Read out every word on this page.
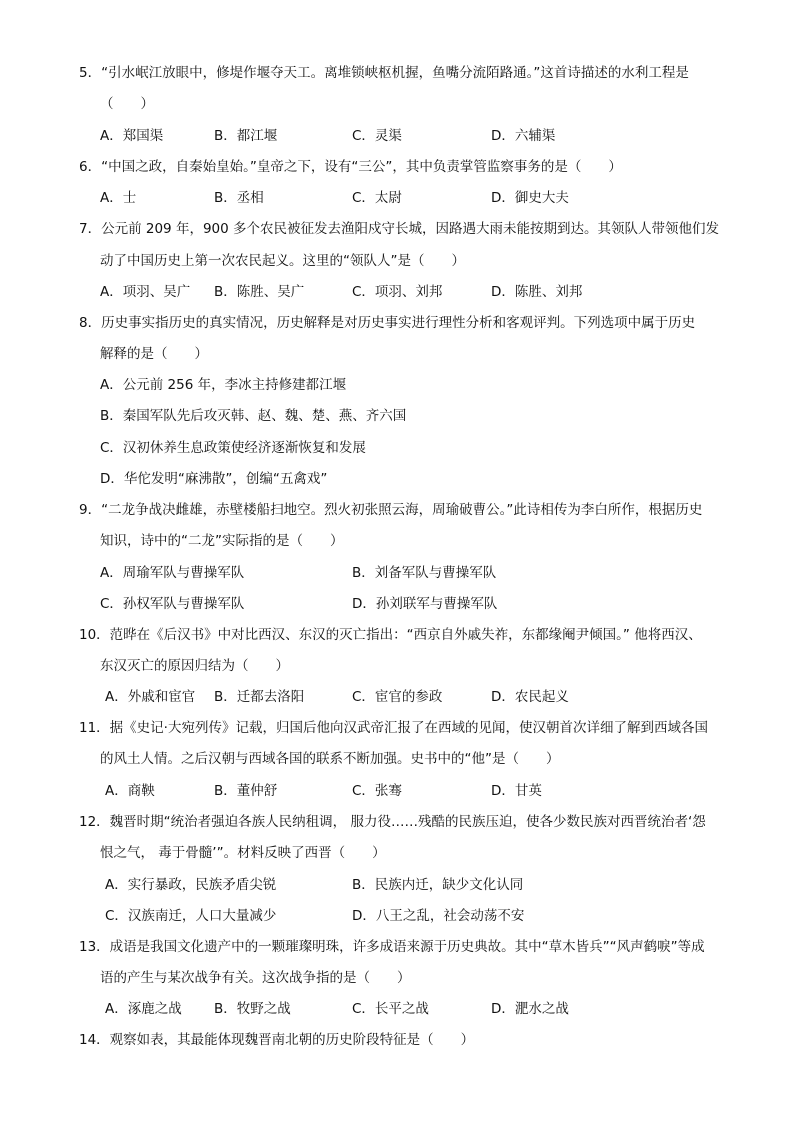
5．“引水岷江放眼中，修堤作堰夺天工。离堆锁峡枢机握，鱼嘴分流陌路通。”这首诗描述的水利工程是
（　　）
A．郑国渠	B．都江堰	C．灵渠	D．六辅渠
6．“中国之政，自秦始皇始。”皇帝之下，设有“三公”，其中负责掌管监察事务的是（　　）
A．士	B．丞相	C．太尉	D．御史大夫
7．公元前 209 年，900 多个农民被征发去渔阳戍守长城，因路遇大雨未能按期到达。其领队人带领他们发
动了中国历史上第一次农民起义。这里的“领队人”是（　　）
A．项羽、吴广 B．陈胜、吴广	C．项羽、刘邦	D．陈胜、刘邦
8．历史事实指历史的真实情况，历史解释是对历史事实进行理性分析和客观评判。下列选项中属于历史
解释的是（　　）
A．公元前 256 年，李冰主持修建都江堰
B．秦国军队先后攻灭韩、赵、魏、楚、燕、齐六国
C．汉初休养生息政策使经济逐渐恢复和发展
D．华佗发明“麻沸散”，创编“五禽戏”
9．“二龙争战决雌雄，赤壁楼船扫地空。烈火初张照云海，周瑜破曹公。”此诗相传为李白所作，根据历史
知识，诗中的“二龙”实际指的是（　　）
A．周瑜军队与曹操军队	B．刘备军队与曹操军队
C．孙权军队与曹操军队	D．孙刘联军与曹操军队
10．范晔在《后汉书》中对比西汉、东汉的灭亡指出：“西京自外戚失祚，东都缘阉尹倾国。” 他将西汉、
东汉灭亡的原因归结为（　　）
A．外戚和宦官 B．迁都去洛阳	C．宦官的参政	D．农民起义
11．据《史记·大宛列传》记载，归国后他向汉武帝汇报了在西域的见闻，使汉朝首次详细了解到西域各国
的风土人情。之后汉朝与西域各国的联系不断加强。史书中的“他”是（　　）
A．商鞅	B．董仲舒	C．张骞	D．甘英
12．魏晋时期“统治者强迫各族人民纳租调， 服力役……残酷的民族压迫，使各少数民族对西晋统治者‘怨
恨之气， 毒于骨髓’”。材料反映了西晋（　　）
A．实行暴政，民族矛盾尖锐	B．民族内迁，缺少文化认同
C．汉族南迁，人口大量减少	D．八王之乱，社会动荡不安
13．成语是我国文化遗产中的一颗璀璨明珠，许多成语来源于历史典故。其中“草木皆兵”“风声鹤唳”等成
语的产生与某次战争有关。这次战争指的是（　　）
A．涿鹿之战 B．牧野之战	C．长平之战	D．淝水之战
14．观察如表，其最能体现魏晋南北朝的历史阶段特征是（　　）
